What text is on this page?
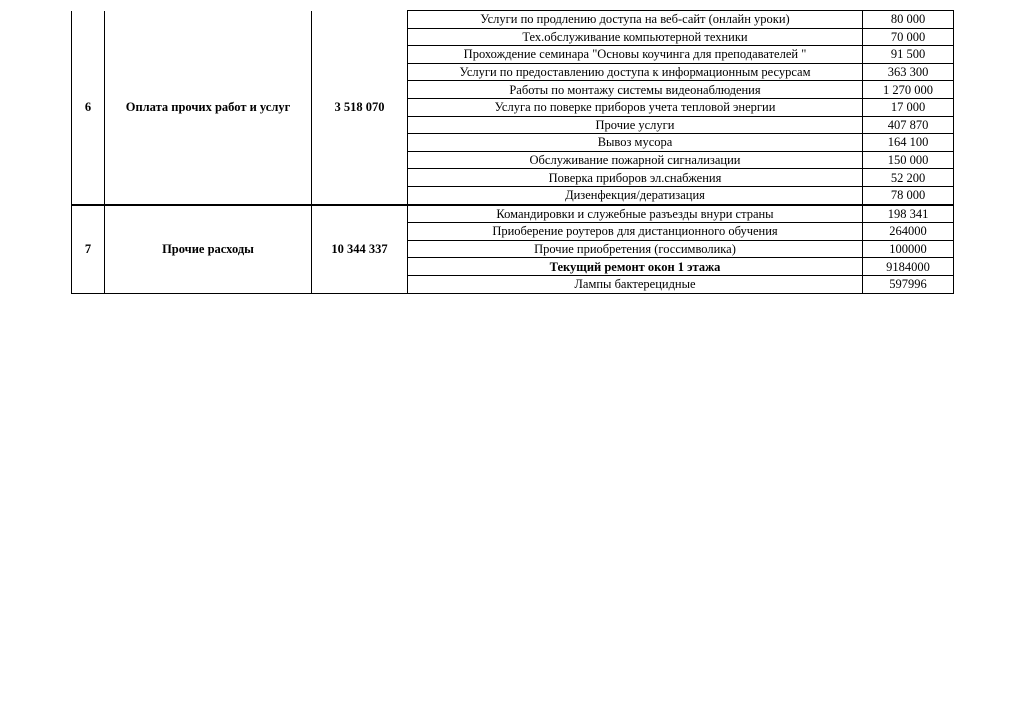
6	Оплата прочих работ и услуг	3 518 070	Услуги по продлению доступа на веб-сайт (онлайн уроки)	80 000
			Тех.обслуживание компьютерной техники	70 000
			Прохождение семинара "Основы коучинга для преподавателей "	91 500
			Услуги по предоставлению доступа к информационным ресурсам	363 300
			Работы по монтажу системы видеонаблюдения	1 270 000
			Услуга по поверке приборов учета тепловой энергии	17 000
			Прочие услуги	407 870
			Вывоз мусора	164 100
			Обслуживание пожарной сигнализации	150 000
			Поверка приборов эл.снабжения	52 200
			Дизенфекция/дератизация	78 000
7	Прочие расходы	10 344 337	Командировки и служебные разъезды внури страны	198 341
			Приоберение роутеров для дистанционного обучения	264000
			Прочие приобретения (госсимволика)	100000
			Текущий ремонт окон 1 этажа	9184000
			Лампы бактерецидные	597996
